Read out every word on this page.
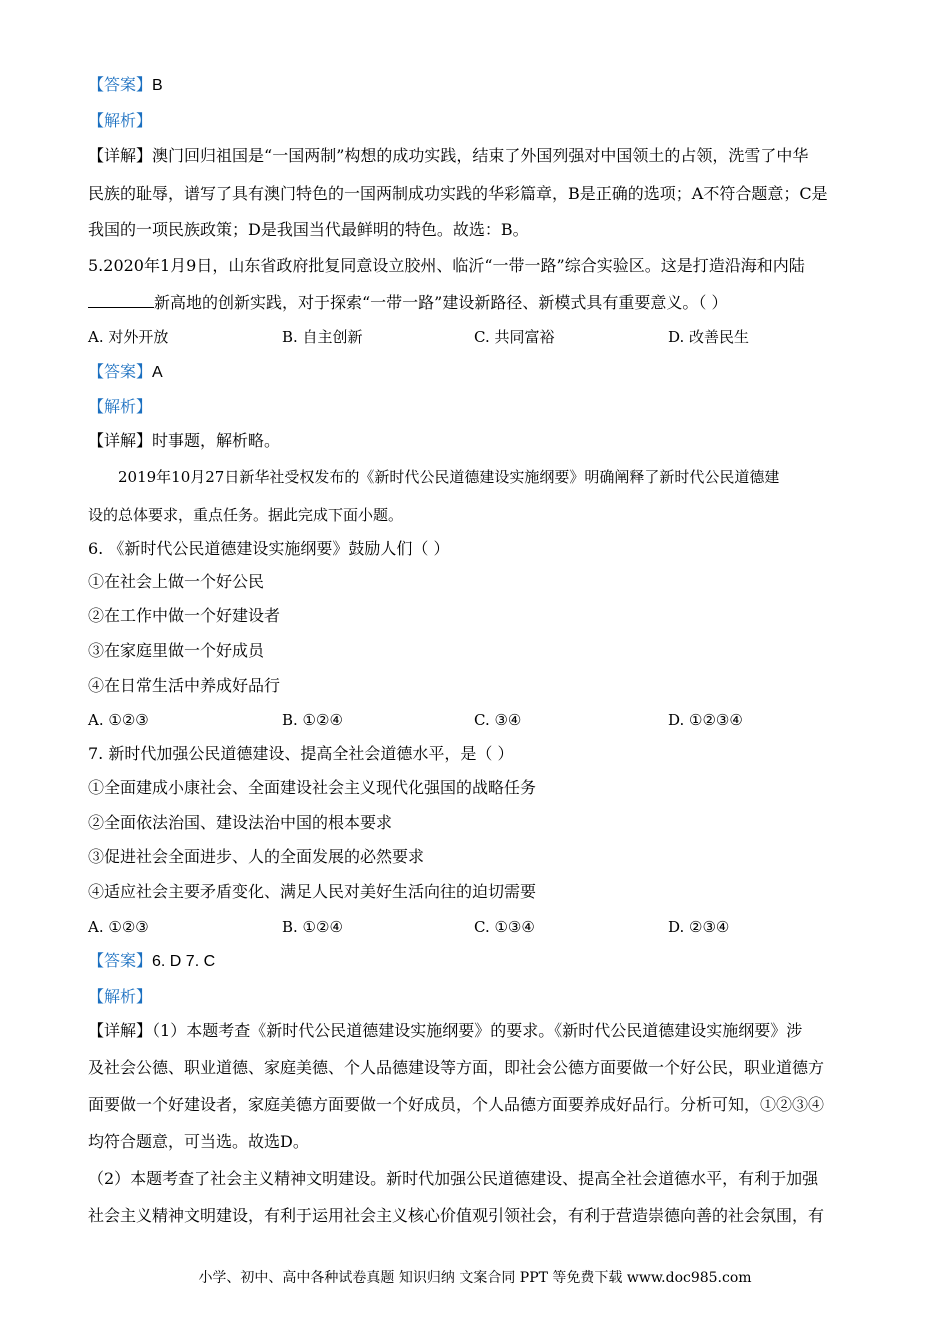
【答案】B
【解析】
【详解】澳门回归祖国是“一国两制”构想的成功实践，结束了外国列强对中国领土的占领，洗雪了中华
民族的耻辱，谱写了具有澳门特色的一国两制成功实践的华彩篇章，B是正确的选项；A不符合题意；C是
我国的一项民族政策；D是我国当代最鲜明的特色。故选：B。
5.2020年1月9日，山东省政府批复同意设立胶州、临沂“一带一路”综合实验区。这是打造沿海和内陆
新高地的创新实践，对于探索“一带一路”建设新路径、新模式具有重要意义。（ ）
A. 对外开放	B. 自主创新	C. 共同富裕	D. 改善民生
【答案】A
【解析】
【详解】时事题，解析略。
2019年10月27日新华社受权发布的《新时代公民道德建设实施纲要》明确阐释了新时代公民道德建
设的总体要求，重点任务。据此完成下面小题。
6. 《新时代公民道德建设实施纲要》鼓励人们（ ）
①在社会上做一个好公民
②在工作中做一个好建设者
③在家庭里做一个好成员
④在日常生活中养成好品行
A. ①②③	B. ①②④	C. ③④	D. ①②③④
7. 新时代加强公民道德建设、提高全社会道德水平，是（ ）
①全面建成小康社会、全面建设社会主义现代化强国的战略任务
②全面依法治国、建设法治中国的根本要求
③促进社会全面进步、人的全面发展的必然要求
④适应社会主要矛盾变化、满足人民对美好生活向往的迫切需要
A. ①②③	B. ①②④	C. ①③④	D. ②③④
【答案】6. D 7. C
【解析】
【详解】（1）本题考查《新时代公民道德建设实施纲要》的要求。《新时代公民道德建设实施纲要》涉
及社会公德、职业道德、家庭美德、个人品德建设等方面，即社会公德方面要做一个好公民，职业道德方
面要做一个好建设者，家庭美德方面要做一个好成员，个人品德方面要养成好品行。分析可知，①②③④
均符合题意，可当选。故选D。
（2）本题考查了社会主义精神文明建设。新时代加强公民道德建设、提高全社会道德水平，有利于加强
社会主义精神文明建设，有利于运用社会主义核心价值观引领社会，有利于营造崇德向善的社会氛围，有
小学、初中、高中各种试卷真题 知识归纳 文案合同 PPT 等免费下载 www.doc985.com
